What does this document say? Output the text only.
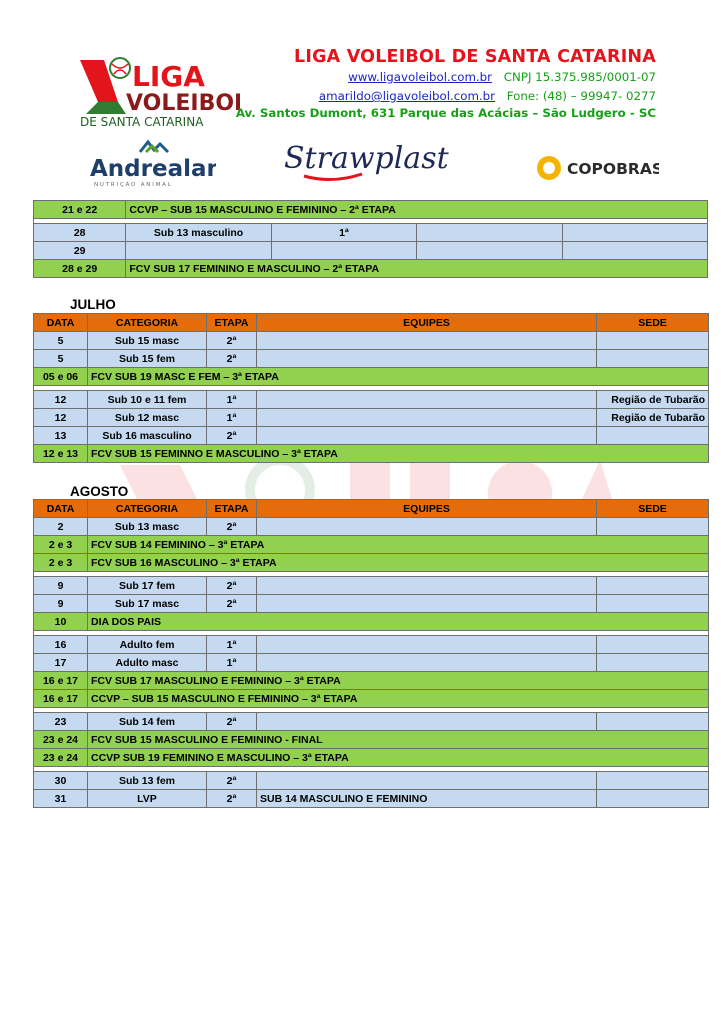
LIGA
VOLEIBOL
DE SANTA CATARINA
LIGA VOLEIBOL DE SANTA CATARINA
www.ligavoleibol.com.br CNPJ 15.375.985/0001-07
amarildo@ligavoleibol.com.br Fone: (48) – 99947- 0277
Av. Santos Dumont, 631 Parque das Acácias – São Ludgero - SC
Andrealan
NUTRIÇÃO ANIMAL
Strawplast	COPOBRAS
21 e 22	CCVP – SUB 15 MASCULINO E FEMININO – 2ª ETAPA			

28	Sub 13 masculino	1ª		
29				
28 e 29	FCV SUB 17 FEMININO E MASCULINO – 2ª ETAPA			
JULHO
DATA	CATEGORIA	ETAPA	EQUIPES	SEDE
5	Sub 15 masc	2ª		
5	Sub 15 fem	2ª		
05 e 06	FCV SUB 19 MASC E FEM – 3ª ETAPA			

12	Sub 10 e 11 fem	1ª		Região de Tubarão
12	Sub 12 masc	1ª		Região de Tubarão
13	Sub 16 masculino	2ª		
12 e 13	FCV SUB 15 FEMINNO E MASCULINO – 3ª ETAPA			
AGOSTO
DATA	CATEGORIA	ETAPA	EQUIPES	SEDE
2	Sub 13 masc	2ª		
2 e 3	FCV SUB 14 FEMININO – 3ª ETAPA			
2 e 3	FCV SUB 16 MASCULINO – 3ª ETAPA			

9	Sub 17 fem	2ª		
9	Sub 17 masc	2ª		
10	DIA DOS PAIS			

16	Adulto fem	1ª		
17	Adulto masc	1ª		
16 e 17	FCV SUB 17 MASCULINO E FEMININO – 3ª ETAPA			
16 e 17	CCVP – SUB 15 MASCULINO E FEMININO – 3ª ETAPA			

23	Sub 14 fem	2ª		
23 e 24	FCV SUB 15 MASCULINO E FEMININO - FINAL			
23 e 24	CCVP SUB 19 FEMININO E MASCULINO – 3ª ETAPA			

30	Sub 13 fem	2ª		
31	LVP	2ª	SUB 14 MASCULINO E FEMININO	
